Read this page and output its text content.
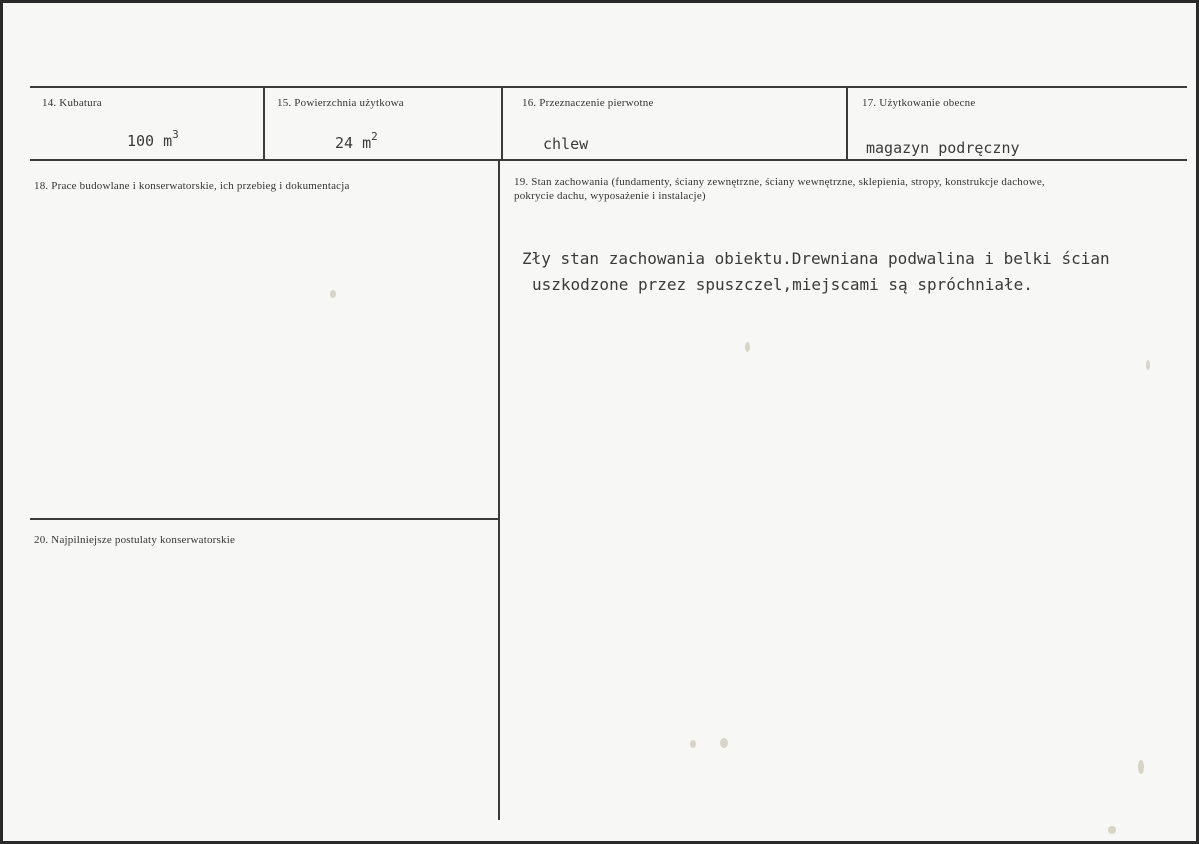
14. Kubatura
100 $m^3$
15. Powierzchnia użytkowa
24 $m^2$
16. Przeznaczenie pierwotne
chlew
17. Użytkowanie obecne
magazyn podręczny
18. Prace budowlane i konserwatorskie, ich przebieg i dokumentacja	19. Stan zachowania (fundamenty, ściany zewnętrzne, ściany wewnętrzne, sklepienia, stropy, konstrukcje dachowe, pokrycie dachu, wyposażenie i instalacje)
Zły stan zachowania obiektu.Drewniana podwalina i belki ścian
uszkodzone przez spuszczel,miejscami są spróchniałe.
20. Najpilniejsze postulaty konserwatorskie
